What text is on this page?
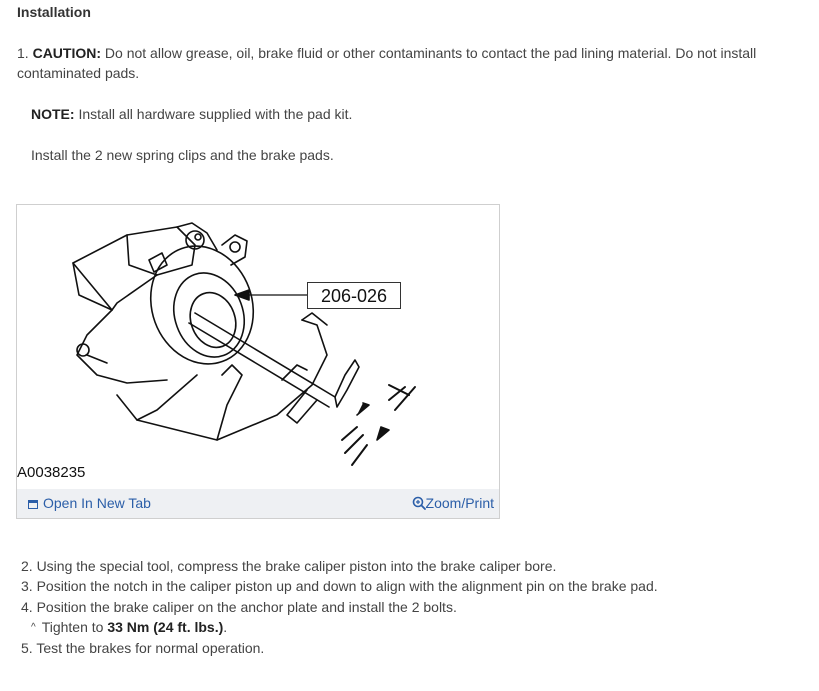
Installation
1. CAUTION: Do not allow grease, oil, brake fluid or other contaminants to contact the pad lining material. Do not install contaminated pads.
NOTE: Install all hardware supplied with the pad kit.
Install the 2 new spring clips and the brake pads.
206-026
A0038235
Open In New Tab	Zoom/Print
2. Using the special tool, compress the brake caliper piston into the brake caliper bore.
3. Position the notch in the caliper piston up and down to align with the alignment pin on the brake pad.
4. Position the brake caliper on the anchor plate and install the 2 bolts.
^ Tighten to 33 Nm (24 ft. lbs.).
5. Test the brakes for normal operation.
